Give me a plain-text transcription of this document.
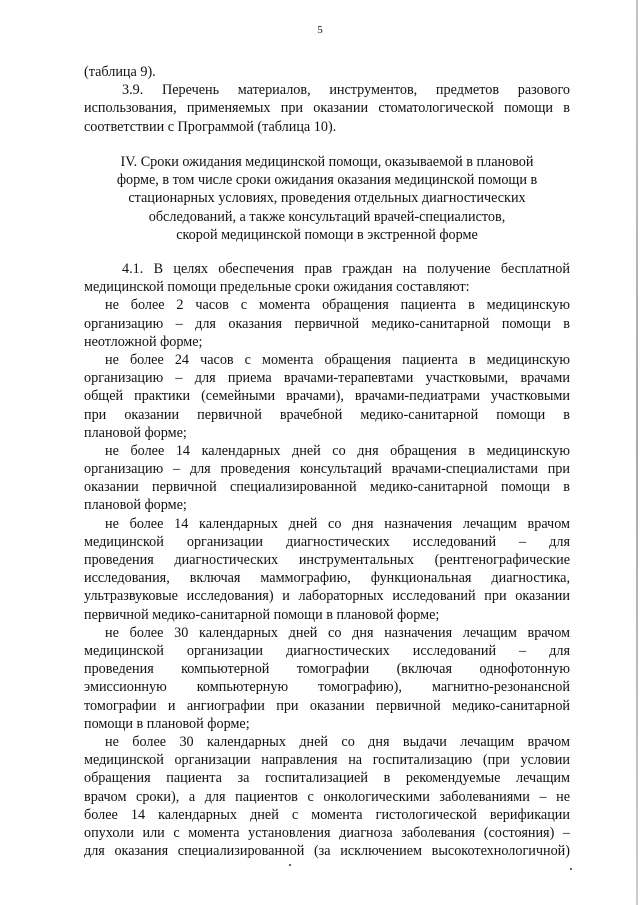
5
(таблица 9).
3.9. Перечень материалов, инструментов, предметов разового
использования, применяемых при оказании стоматологической помощи в
соответствии с Программой (таблица 10).
IV. Сроки ожидания медицинской помощи, оказываемой в плановой
форме, в том числе сроки ожидания оказания медицинской помощи в
стационарных условиях, проведения отдельных диагностических
обследований, а также консультаций врачей-специалистов,
скорой медицинской помощи в экстренной форме
4.1. В целях обеспечения прав граждан на получение бесплатной
медицинской помощи предельные сроки ожидания составляют:
не более 2 часов с момента обращения пациента в медицинскую
организацию – для оказания первичной медико-санитарной помощи в
неотложной форме;
не более 24 часов с момента обращения пациента в медицинскую
организацию – для приема врачами-терапевтами участковыми, врачами
общей практики (семейными врачами), врачами-педиатрами участковыми
при оказании первичной врачебной медико-санитарной помощи в
плановой форме;
не более 14 календарных дней со дня обращения в медицинскую
организацию – для проведения консультаций врачами-специалистами при
оказании первичной специализированной медико-санитарной помощи в
плановой форме;
не более 14 календарных дней со дня назначения лечащим врачом
медицинской организации диагностических исследований – для
проведения диагностических инструментальных (рентгенографические
исследования, включая маммографию, функциональная диагностика,
ультразвуковые исследования) и лабораторных исследований при оказании
первичной медико-санитарной помощи в плановой форме;
не более 30 календарных дней со дня назначения лечащим врачом
медицинской организации диагностических исследований – для
проведения компьютерной томографии (включая однофотонную
эмиссионную компьютерную томографию), магнитно-резонансной
томографии и ангиографии при оказании первичной медико-санитарной
помощи в плановой форме;
не более 30 календарных дней со дня выдачи лечащим врачом
медицинской организации направления на госпитализацию (при условии
обращения пациента за госпитализацией в рекомендуемые лечащим
врачом сроки), а для пациентов с онкологическими заболеваниями – не
более 14 календарных дней с момента гистологической верификации
опухоли или с момента установления диагноза заболевания (состояния) –
для оказания специализированной (за исключением высокотехнологичной)
